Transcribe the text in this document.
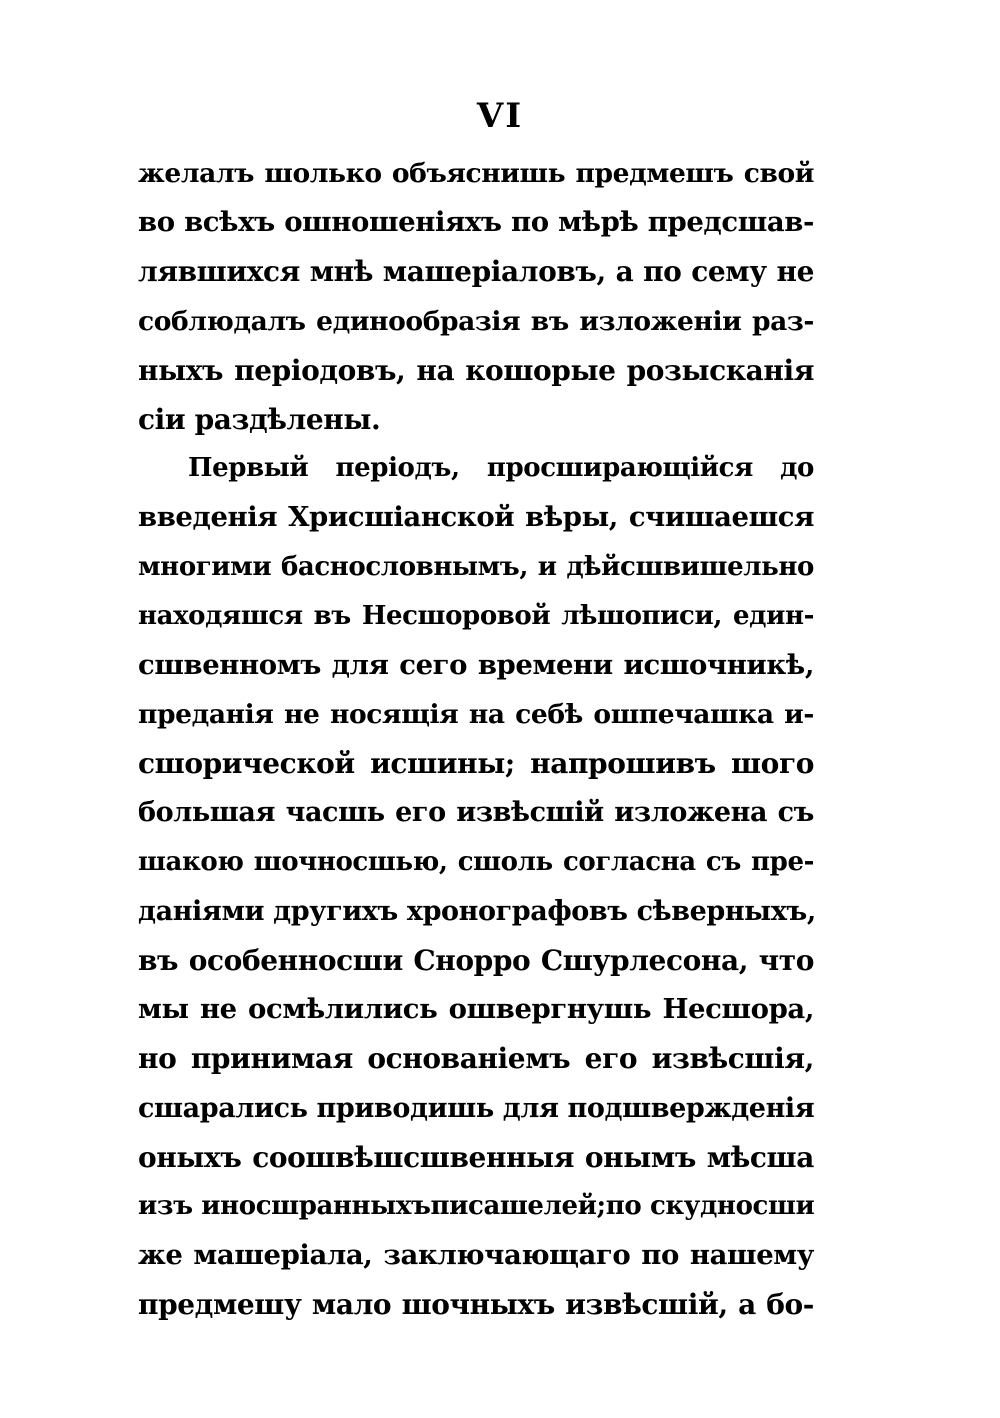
VI
желалъ шолько объяснишь предмешъ свой
во всѣхъ ошношеніяхъ по мѣрѣ предсшав-
лявшихся мнѣ машеріаловъ, а по сему не
соблюдалъ единообразія въ изложеніи раз-
ныхъ періодовъ, на кошорые розысканія
сіи раздѣлены.
Первый періодъ, просширающійся до
введенія Хрисшіанской вѣры, счишаешся
многими баснословнымъ, и дѣйсшвишельно
находяшся въ Несшоровой лѣшописи, един-
сшвенномъ для сего времени исшочникѣ,
преданія не носящія на себѣ ошпечашка и-
сшорической исшины; напрошивъ шого
большая часшь его извѣсшій изложена съ
шакою шочносшью, сшоль согласна съ пре-
даніями другихъ хронографовъ сѣверныхъ,
въ особенносши Снорро Сшурлесона, что
мы не осмѣлились ошвергнушь Несшора,
но принимая основаніемъ его извѣсшія,
сшарались приводишь для подшвержденія
оныхъ соошвѣшсшвенныя онымъ мѣсша
изъ иносшранныхъписашелей;по скудносши
же машеріала, заключающаго по нашему
предмешу мало шочныхъ извѣсшій, а бо-
